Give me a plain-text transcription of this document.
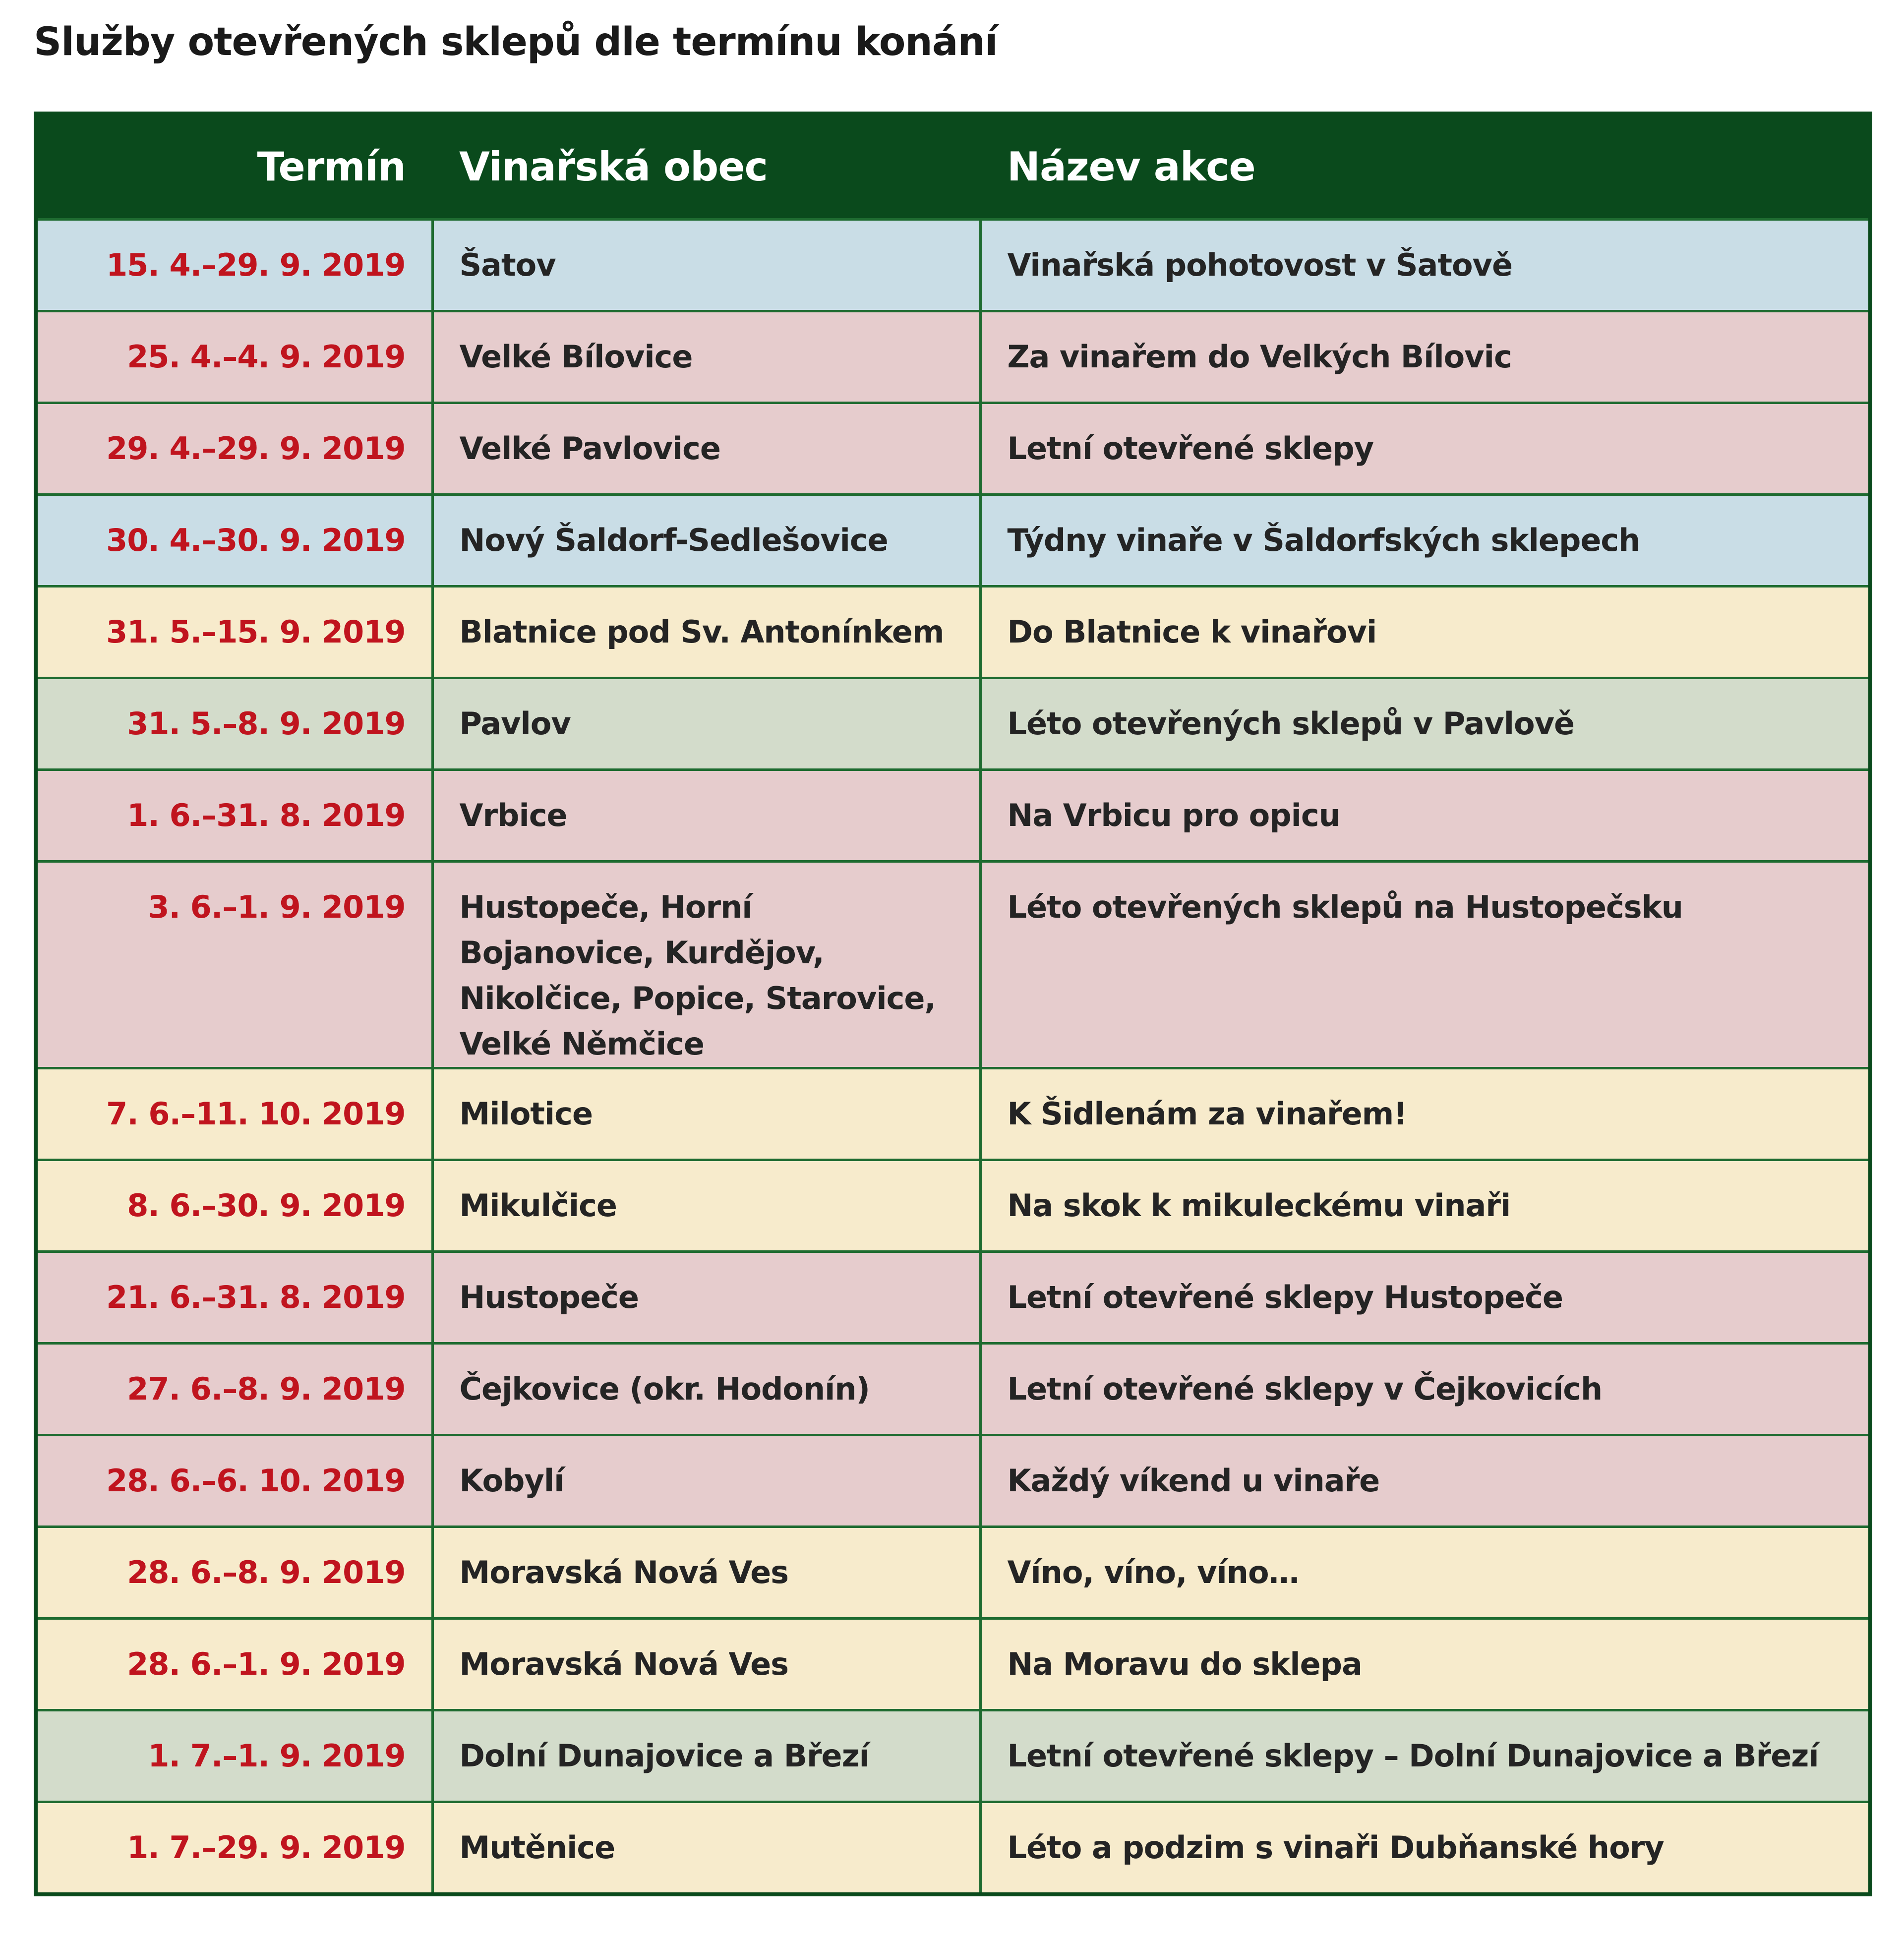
Služby otevřených sklepů dle termínu konání
Termín	Vinařská obec	Název akce
15. 4.–29. 9. 2019	Šatov	Vinařská pohotovost v Šatově
25. 4.–4. 9. 2019	Velké Bílovice	Za vinařem do Velkých Bílovic
29. 4.–29. 9. 2019	Velké Pavlovice	Letní otevřené sklepy
30. 4.–30. 9. 2019	Nový Šaldorf-Sedlešovice	Týdny vinaře v Šaldorfských sklepech
31. 5.–15. 9. 2019	Blatnice pod Sv. Antonínkem	Do Blatnice k vinařovi
31. 5.–8. 9. 2019	Pavlov	Léto otevřených sklepů v Pavlově
1. 6.–31. 8. 2019	Vrbice	Na Vrbicu pro opicu
3. 6.–1. 9. 2019	Hustopeče, Horní Bojanovice, Kurdějov, Nikolčice, Popice, Starovice, Velké Němčice	Léto otevřených sklepů na Hustopečsku
7. 6.–11. 10. 2019	Milotice	K Šidlenám za vinařem!
8. 6.–30. 9. 2019	Mikulčice	Na skok k mikuleckému vinaři
21. 6.–31. 8. 2019	Hustopeče	Letní otevřené sklepy Hustopeče
27. 6.–8. 9. 2019	Čejkovice (okr. Hodonín)	Letní otevřené sklepy v Čejkovicích
28. 6.–6. 10. 2019	Kobylí	Každý víkend u vinaře
28. 6.–8. 9. 2019	Moravská Nová Ves	Víno, víno, víno…
28. 6.–1. 9. 2019	Moravská Nová Ves	Na Moravu do sklepa
1. 7.–1. 9. 2019	Dolní Dunajovice a Březí	Letní otevřené sklepy – Dolní Dunajovice a Březí
1. 7.–29. 9. 2019	Mutěnice	Léto a podzim s vinaři Dubňanské hory
